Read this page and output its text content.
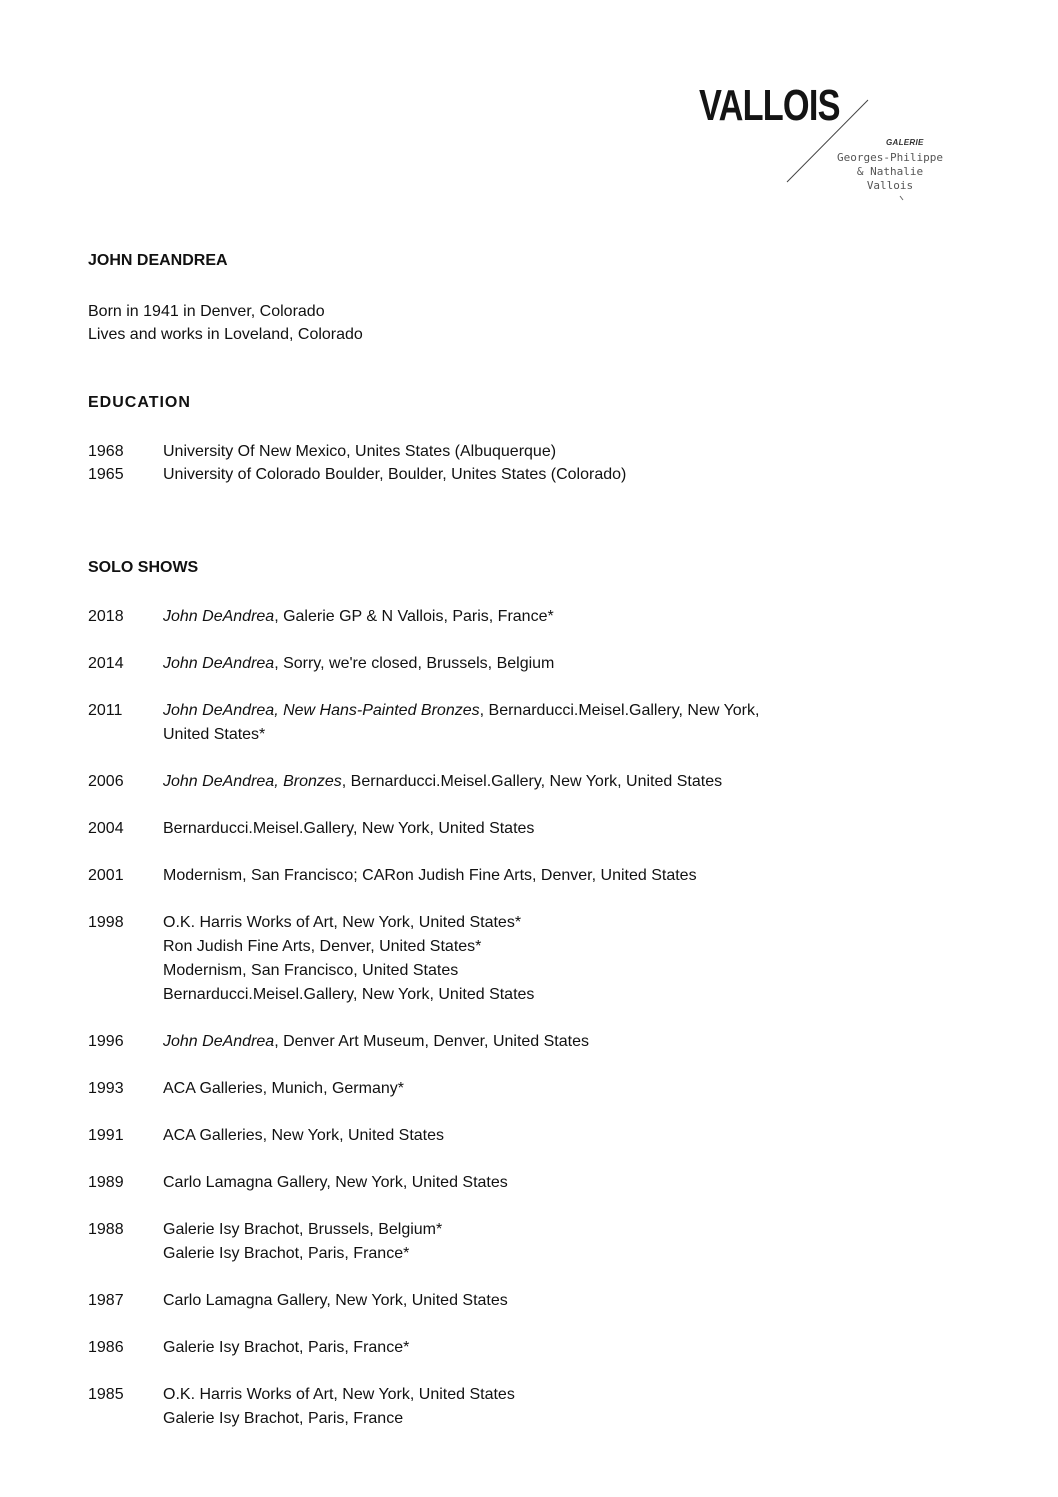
VALLOIS
GALERIE
Georges-Philippe
& Nathalie
Vallois
JOHN DEANDREA
Born in 1941 in Denver, Colorado
Lives and works in Loveland, Colorado
EDUCATION
1968	University Of New Mexico, Unites States (Albuquerque)
1965	University of Colorado Boulder, Boulder, Unites States (Colorado)
SOLO SHOWS
2018	John DeAndrea, Galerie GP & N Vallois, Paris, France*
2014	John DeAndrea, Sorry, we're closed, Brussels, Belgium
2011	John DeAndrea, New Hans-Painted Bronzes, Bernarducci.Meisel.Gallery, New York,
United States*
2006	John DeAndrea, Bronzes, Bernarducci.Meisel.Gallery, New York, United States
2004	Bernarducci.Meisel.Gallery, New York, United States
2001	Modernism, San Francisco; CARon Judish Fine Arts, Denver, United States
1998	O.K. Harris Works of Art, New York, United States*
Ron Judish Fine Arts, Denver, United States*
Modernism, San Francisco, United States
Bernarducci.Meisel.Gallery, New York, United States
1996	John DeAndrea, Denver Art Museum, Denver, United States
1993	ACA Galleries, Munich, Germany*
1991	ACA Galleries, New York, United States
1989	Carlo Lamagna Gallery, New York, United States
1988	Galerie Isy Brachot, Brussels, Belgium*
Galerie Isy Brachot, Paris, France*
1987	Carlo Lamagna Gallery, New York, United States
1986	Galerie Isy Brachot, Paris, France*
1985	O.K. Harris Works of Art, New York, United States
Galerie Isy Brachot, Paris, France
